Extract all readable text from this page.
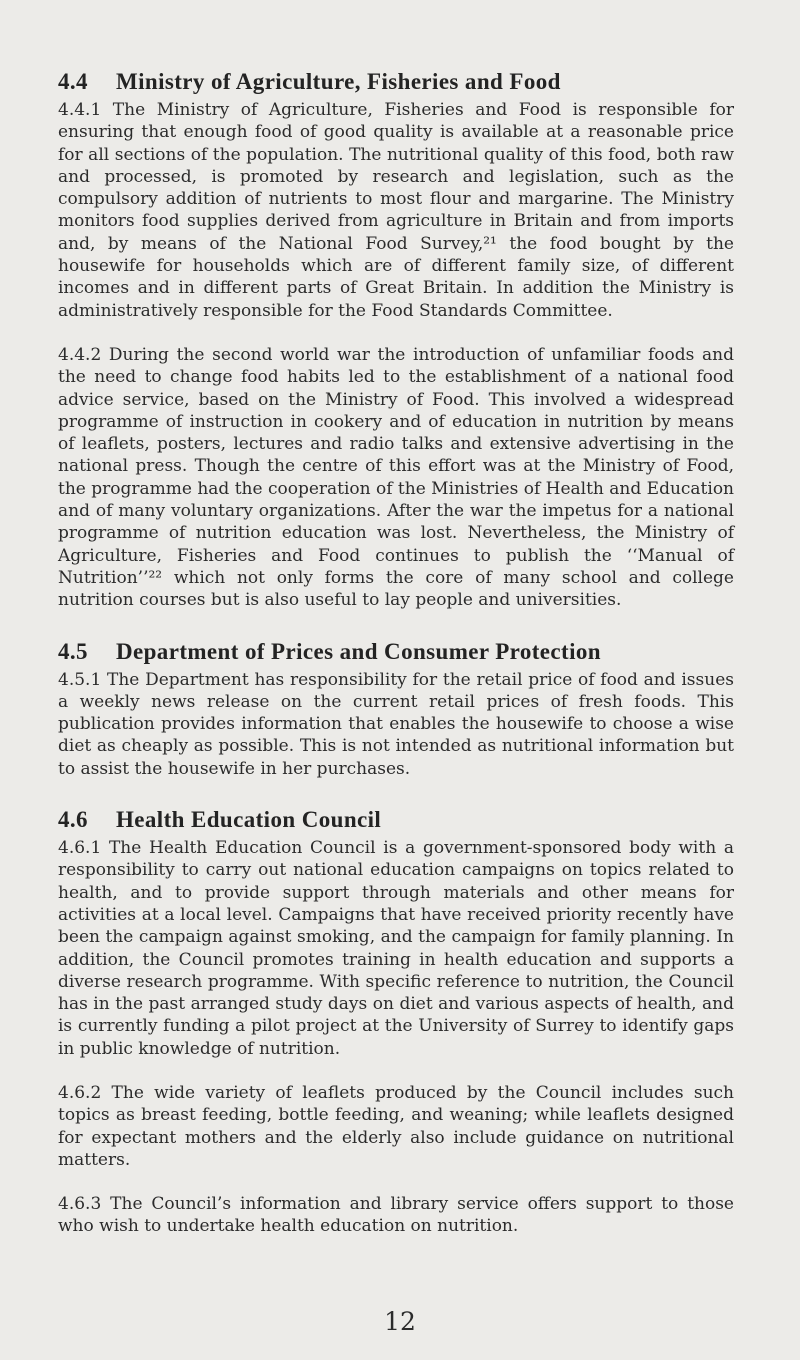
4.4 Ministry of Agriculture, Fisheries and Food

4.4.1 The Ministry of Agriculture, Fisheries and Food is responsible for ensuring that enough food of good quality is available at a reasonable price for all sections of the population. The nutritional quality of this food, both raw and processed, is promoted by research and legislation, such as the compulsory addition of nutrients to most flour and margarine. The Ministry monitors food supplies derived from agriculture in Britain and from imports and, by means of the National Food Survey,²¹ the food bought by the housewife for households which are of different family size, of different incomes and in different parts of Great Britain. In addition the Ministry is administratively responsible for the Food Standards Committee.

4.4.2 During the second world war the introduction of unfamiliar foods and the need to change food habits led to the establishment of a national food advice service, based on the Ministry of Food. This involved a widespread programme of instruction in cookery and of education in nutrition by means of leaflets, posters, lectures and radio talks and extensive advertising in the national press. Though the centre of this effort was at the Ministry of Food, the programme had the cooperation of the Ministries of Health and Education and of many voluntary organizations. After the war the impetus for a national programme of nutrition education was lost. Nevertheless, the Ministry of Agriculture, Fisheries and Food continues to publish the ‘‘Manual of Nutrition’’²² which not only forms the core of many school and college nutrition courses but is also useful to lay people and universities.

4.5 Department of Prices and Consumer Protection

4.5.1 The Department has responsibility for the retail price of food and issues a weekly news release on the current retail prices of fresh foods. This publication provides information that enables the housewife to choose a wise diet as cheaply as possible. This is not intended as nutritional information but to assist the housewife in her purchases.

4.6 Health Education Council

4.6.1 The Health Education Council is a government-sponsored body with a responsibility to carry out national education campaigns on topics related to health, and to provide support through materials and other means for activities at a local level. Campaigns that have received priority recently have been the campaign against smoking, and the campaign for family planning. In addition, the Council promotes training in health education and supports a diverse research programme. With specific reference to nutrition, the Council has in the past arranged study days on diet and various aspects of health, and is currently funding a pilot project at the University of Surrey to identify gaps in public knowledge of nutrition.

4.6.2 The wide variety of leaflets produced by the Council includes such topics as breast feeding, bottle feeding, and weaning; while leaflets designed for expectant mothers and the elderly also include guidance on nutritional matters.

4.6.3 The Council’s information and library service offers support to those who wish to undertake health education on nutrition.

12
